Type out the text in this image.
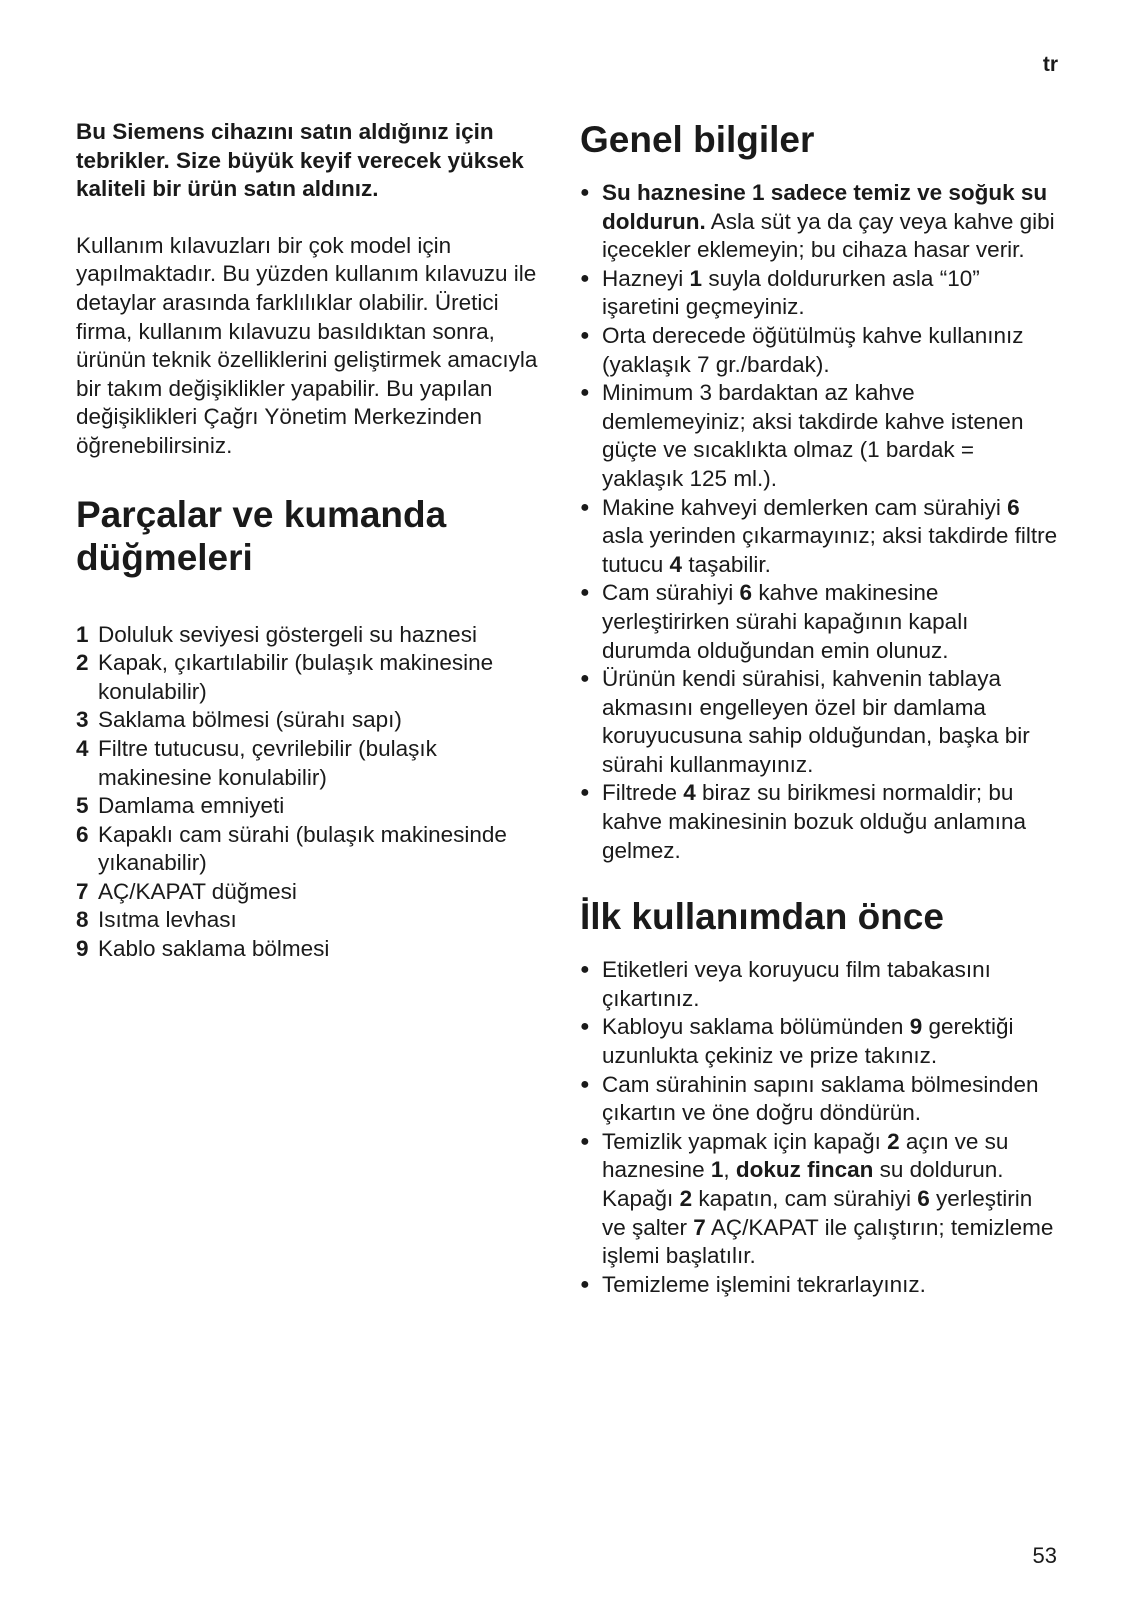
tr

Bu Siemens cihazını satın aldığınız için tebrikler. Size büyük keyif verecek yüksek kaliteli bir ürün satın aldınız.

Kullanım kılavuzları bir çok model için yapılmaktadır. Bu yüzden kullanım kılavuzu ile detaylar arasında farklılıklar olabilir. Üretici firma, kullanım kılavuzu basıldıktan sonra, ürünün teknik özelliklerini geliştirmek amacıyla bir takım değişiklikler yapabilir. Bu yapılan değişiklikleri Çağrı Yönetim Merkezinden öğrenebilirsiniz.

Parçalar ve kumanda düğmeleri
1 Doluluk seviyesi göstergeli su haznesi
2 Kapak, çıkartılabilir (bulaşık makinesine konulabilir)
3 Saklama bölmesi (sürahı sapı)
4 Filtre tutucusu, çevrilebilir (bulaşık makinesine konulabilir)
5 Damlama emniyeti
6 Kapaklı cam sürahi (bulaşık makinesinde yıkanabilir)
7 AÇ/KAPAT düğmesi
8 Isıtma levhası
9 Kablo saklama bölmesi
Genel bilgiler
● Su haznesine 1 sadece temiz ve soğuk su doldurun. Asla süt ya da çay veya kahve gibi içecekler eklemeyin; bu cihaza hasar verir.
● Hazneyi 1 suyla doldururken asla “10” işaretini geçmeyiniz.
● Orta derecede öğütülmüş kahve kullanınız (yaklaşık 7 gr./bardak).
● Minimum 3 bardaktan az kahve demlemeyiniz; aksi takdirde kahve istenen güçte ve sıcaklıkta olmaz (1 bardak = yaklaşık 125 ml.).
● Makine kahveyi demlerken cam sürahiyi 6 asla yerinden çıkarmayınız; aksi takdirde filtre tutucu 4 taşabilir.
● Cam sürahiyi 6 kahve makinesine yerleştirirken sürahi kapağının kapalı durumda olduğundan emin olunuz.
● Ürünün kendi sürahisi, kahvenin tablaya akmasını engelleyen özel bir damlama koruyucusuna sahip olduğundan, başka bir sürahi kullanmayınız.
● Filtrede 4 biraz su birikmesi normaldir; bu kahve makinesinin bozuk olduğu anlamına gelmez.
İlk kullanımdan önce
● Etiketleri veya koruyucu film tabakasını çıkartınız.
● Kabloyu saklama bölümünden 9 gerektiği uzunlukta çekiniz ve prize takınız.
● Cam sürahinin sapını saklama bölmesinden çıkartın ve öne doğru döndürün.
● Temizlik yapmak için kapağı 2 açın ve su haznesine 1, dokuz fincan su doldurun. Kapağı 2 kapatın, cam sürahiyi 6 yerleştirin ve şalter 7 AÇ/KAPAT ile çalıştırın; temizleme işlemi başlatılır.
● Temizleme işlemini tekrarlayınız.
53
